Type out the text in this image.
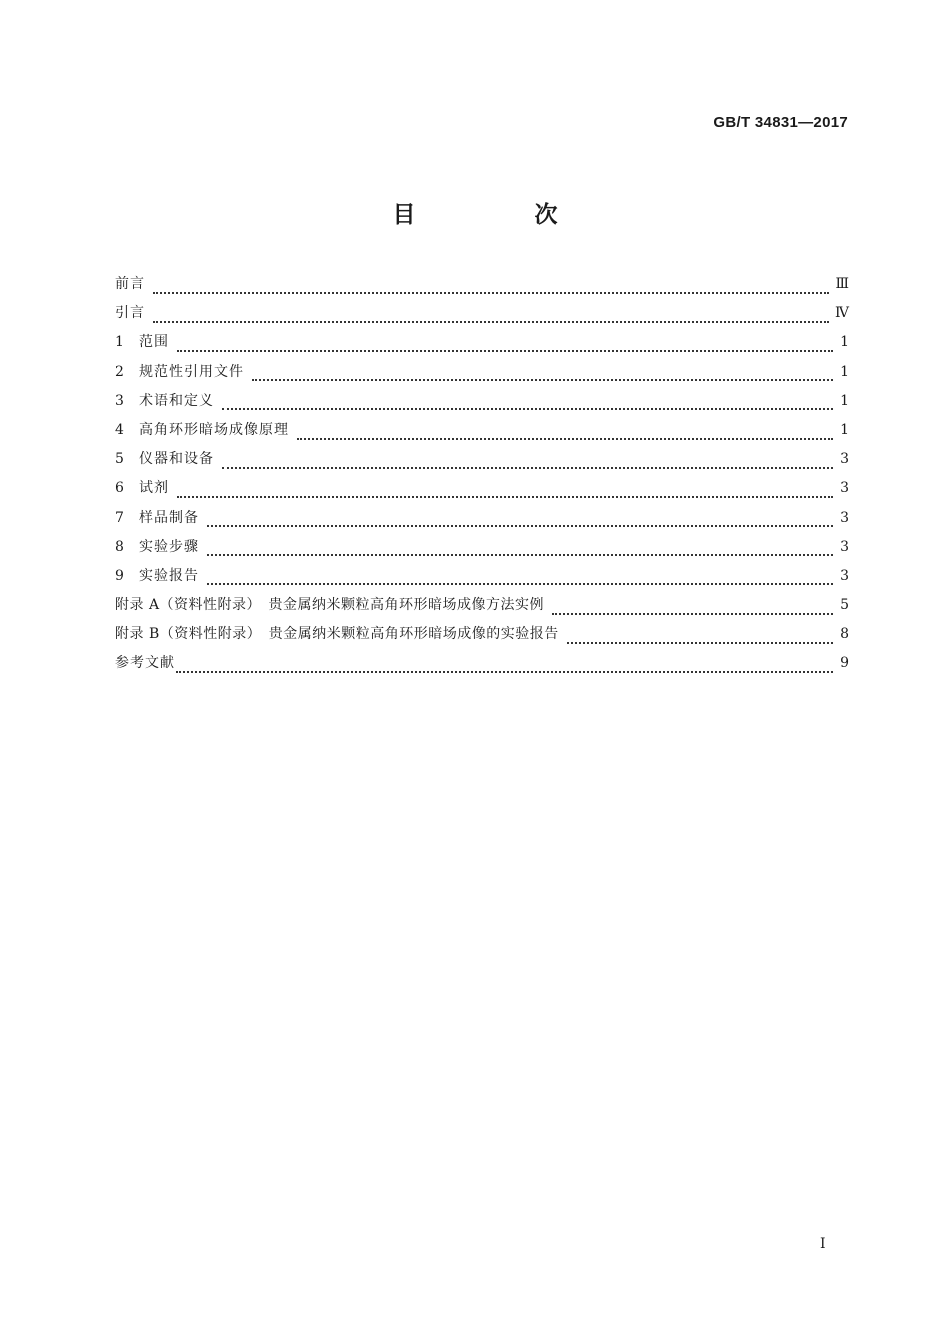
GB/T 34831—2017
目　次
前言	Ⅲ
引言	Ⅳ
1	范围	1
2	规范性引用文件	1
3	术语和定义	1
4	高角环形暗场成像原理	1
5	仪器和设备	3
6	试剂	3
7	样品制备	3
8	实验步骤	3
9	实验报告	3
附录 A（资料性附录）　贵金属纳米颗粒高角环形暗场成像方法实例	5
附录 B（资料性附录）　贵金属纳米颗粒高角环形暗场成像的实验报告	8
参考文献	9
I
